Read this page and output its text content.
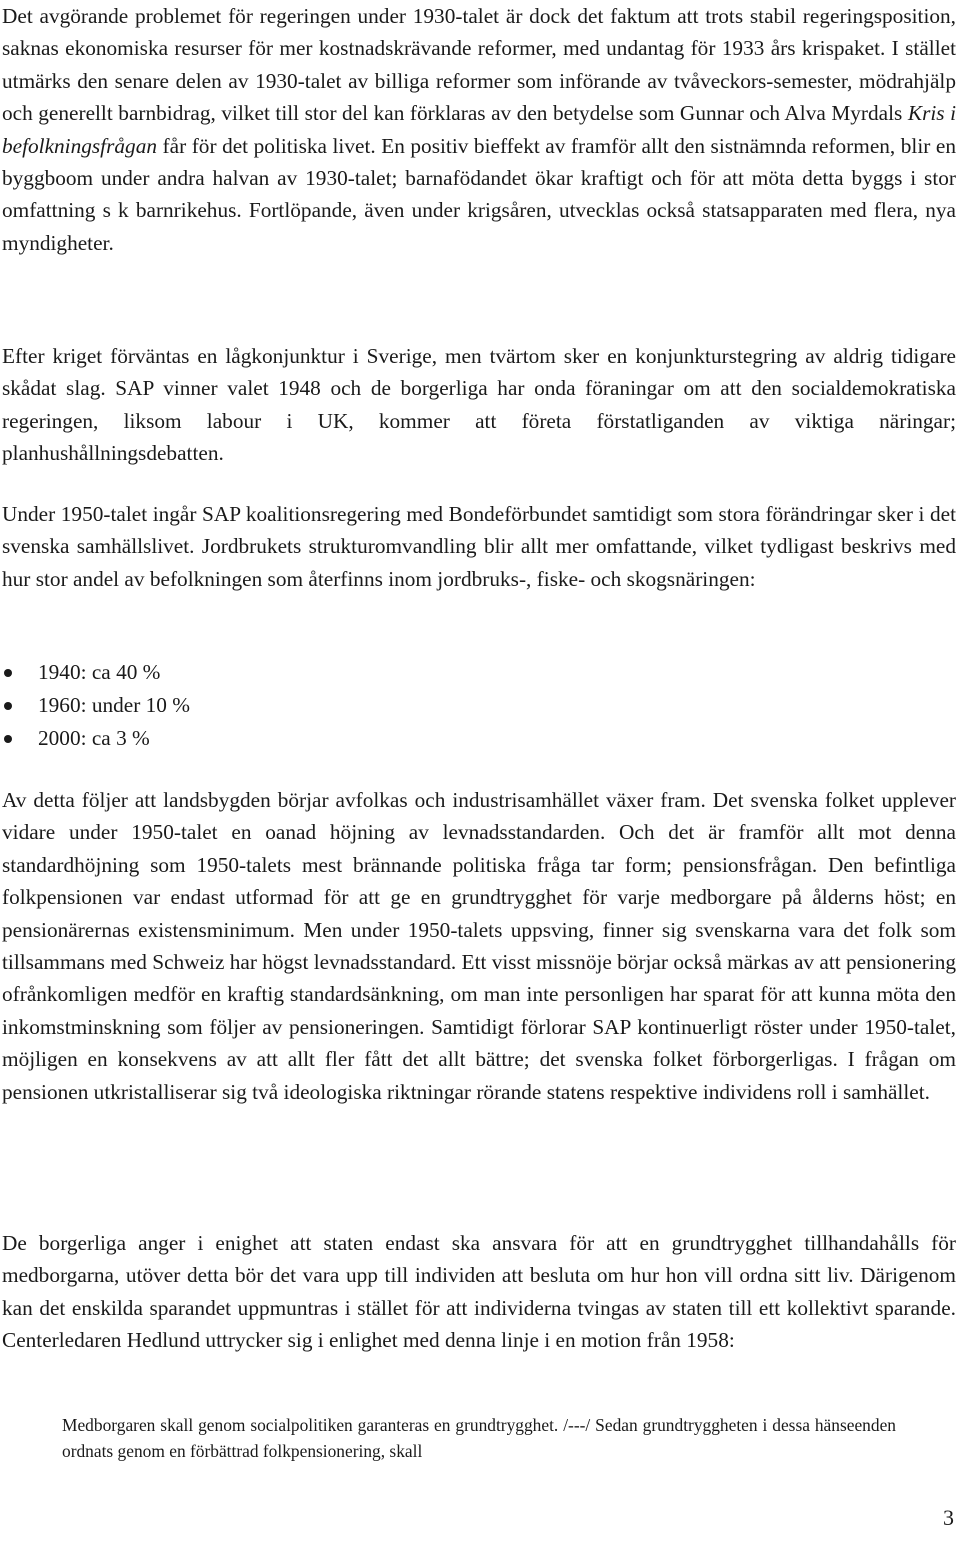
Det avgörande problemet för regeringen under 1930-talet är dock det faktum att trots stabil regeringsposition, saknas ekonomiska resurser för mer kostnadskrävande reformer, med undantag för 1933 års krispaket. I stället utmärks den senare delen av 1930-talet av billiga reformer som införande av tvåveckors-semester, mödrahjälp och generellt barnbidrag, vilket till stor del kan förklaras av den betydelse som Gunnar och Alva Myrdals Kris i befolkningsfrågan får för det politiska livet. En positiv bieffekt av framför allt den sistnämnda reformen, blir en byggboom under andra halvan av 1930-talet; barnafödandet ökar kraftigt och för att möta detta byggs i stor omfattning s k barnrikehus. Fortlöpande, även under krigsåren, utvecklas också statsapparaten med flera, nya myndigheter.

Efter kriget förväntas en lågkonjunktur i Sverige, men tvärtom sker en konjunkturstegring av aldrig tidigare skådat slag. SAP vinner valet 1948 och de borgerliga har onda föraningar om att den socialdemokratiska regeringen, liksom labour i UK, kommer att företa förstatliganden av viktiga näringar; planhushållningsdebatten.

Under 1950-talet ingår SAP koalitionsregering med Bondeförbundet samtidigt som stora förändringar sker i det svenska samhällslivet. Jordbrukets strukturomvandling blir allt mer omfattande, vilket tydligast beskrivs med hur stor andel av befolkningen som återfinns inom jordbruks-, fiske- och skogsnäringen:

1940: ca 40 %
1960: under 10 %
2000: ca 3 %

Av detta följer att landsbygden börjar avfolkas och industrisamhället växer fram. Det svenska folket upplever vidare under 1950-talet en oanad höjning av levnadsstandarden. Och det är framför allt mot denna standardhöjning som 1950-talets mest brännande politiska fråga tar form; pensionsfrågan. Den befintliga folkpensionen var endast utformad för att ge en grundtrygghet för varje medborgare på ålderns höst; en pensionärernas existensminimum. Men under 1950-talets uppsving, finner sig svenskarna vara det folk som tillsammans med Schweiz har högst levnadsstandard. Ett visst missnöje börjar också märkas av att pensionering ofrånkomligen medför en kraftig standardsänkning, om man inte personligen har sparat för att kunna möta den inkomstminskning som följer av pensioneringen. Samtidigt förlorar SAP kontinuerligt röster under 1950-talet, möjligen en konsekvens av att allt fler fått det allt bättre; det svenska folket förborgerligas. I frågan om pensionen utkristalliserar sig två ideologiska riktningar rörande statens respektive individens roll i samhället.

De borgerliga anger i enighet att staten endast ska ansvara för att en grundtrygghet tillhandahålls för medborgarna, utöver detta bör det vara upp till individen att besluta om hur hon vill ordna sitt liv. Därigenom kan det enskilda sparandet uppmuntras i stället för att individerna tvingas av staten till ett kollektivt sparande. Centerledaren Hedlund uttrycker sig i enlighet med denna linje i en motion från 1958:

Medborgaren skall genom socialpolitiken garanteras en grundtrygghet. /---/ Sedan grundtryggheten i dessa hänseenden ordnats genom en förbättrad folkpensionering, skall

3
